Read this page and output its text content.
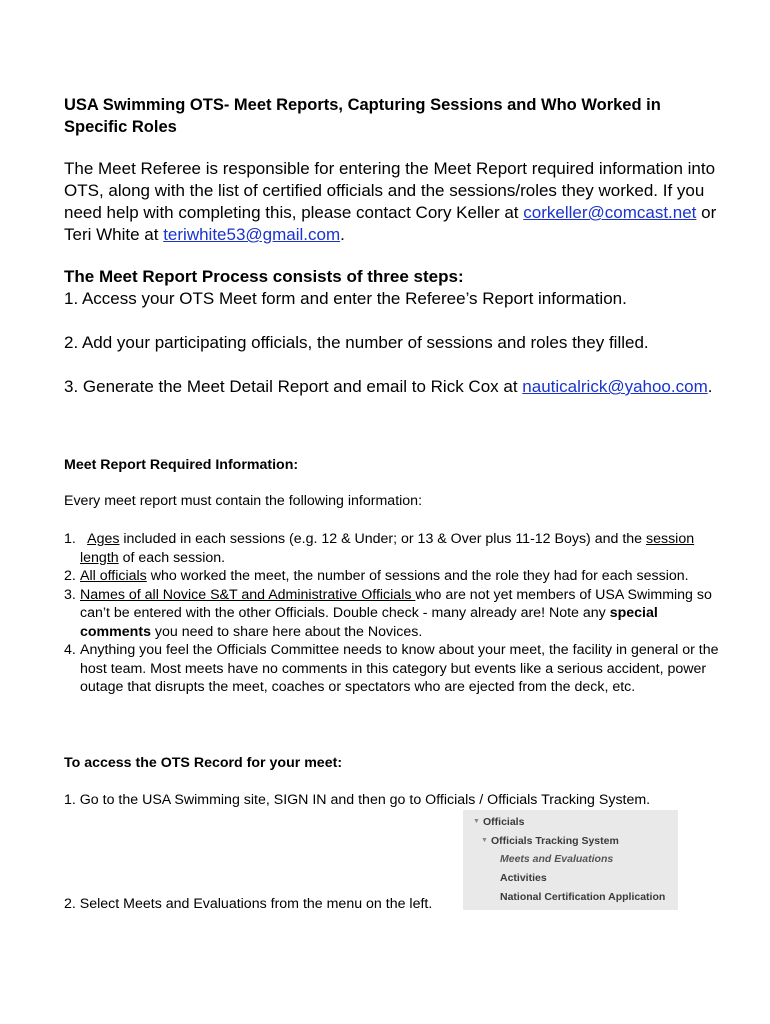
USA Swimming OTS- Meet Reports, Capturing Sessions and Who Worked in Specific Roles
The Meet Referee is responsible for entering the Meet Report required information into OTS, along with the list of certified officials and the sessions/roles they worked. If you need help with completing this, please contact Cory Keller at corkeller@comcast.net or Teri White at teriwhite53@gmail.com.
The Meet Report Process consists of three steps:
1. Access your OTS Meet form and enter the Referee’s Report information.
2. Add your participating officials, the number of sessions and roles they filled.
3. Generate the Meet Detail Report and email to Rick Cox at nauticalrick@yahoo.com.
Meet Report Required Information:
Every meet report must contain the following information:
1. Ages included in each sessions (e.g. 12 & Under; or 13 & Over plus 11-12 Boys) and the session length of each session.
2. All officials who worked the meet, the number of sessions and the role they had for each session.
3. Names of all Novice S&T and Administrative Officials who are not yet members of USA Swimming so can’t be entered with the other Officials. Double check - many already are! Note any special comments you need to share here about the Novices.
4. Anything you feel the Officials Committee needs to know about your meet, the facility in general or the host team. Most meets have no comments in this category but events like a serious accident, power outage that disrupts the meet, coaches or spectators who are ejected from the deck, etc.
To access the OTS Record for your meet:
1. Go to the USA Swimming site, SIGN IN and then go to Officials / Officials Tracking System.
2. Select Meets and Evaluations from the menu on the left.
▼ Officials
▼ Officials Tracking System
Meets and Evaluations
Activities
National Certification Application
